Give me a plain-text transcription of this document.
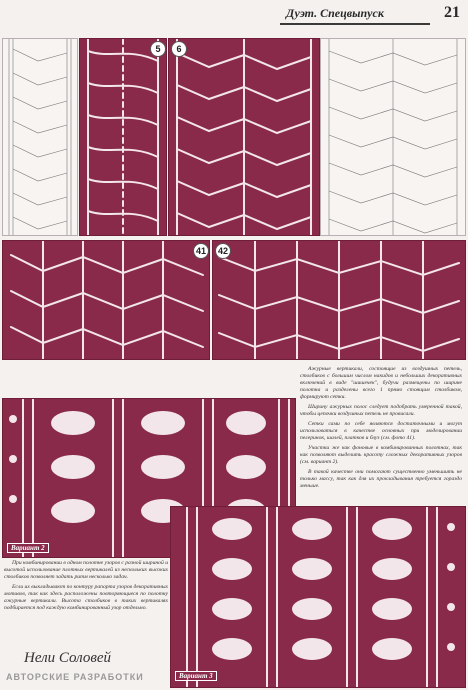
Дуэт. Спецвыпуск	21
5	6
41	42

Ажурные вертикали, состоящие из воздушных петель, столбиков с большим числом накидов и небольших декоративных включений в виде "шишечек", будучи размещены по ширине полотна и разделены всего 1 прямо стоящим столбиком, формируют сетки.

Ширину ажурных полос следует подобрать умеренной такой, чтобы цепочки воздушных петель не провисали.

Сетки сами по себе являются достаточными и могут использоваться в качестве основных при моделировании пелеринок, шалей, платков и блуз (см. фото 41).

Участки же как фоновые в комбинированных полотнах, так как позволяют выделить красоту сложных декоративных узоров (см. вариант 2).

В такой качестве они помогают существенно уменьшить не только массу, так как для их прокладывания требуется гораздо меньше.

Вариант 2

При комбинировании в одном полотне узоров с разной шириной и высотой использование плотных вертикалей из нескольких высоких столбиков позволяет задать ритм несколько задач.

Если их выкладывают по контуру рапорта узоров декоративных мотивов, так как здесь расположены повторяющиеся по полотну ажурные вертикали. Высота столбиков в таких вертикалях подбирается под каждую комбинированный узор отдельно.

Вариант 3
Нели Соловей
АВТОРСКИЕ РАЗРАБОТКИ
